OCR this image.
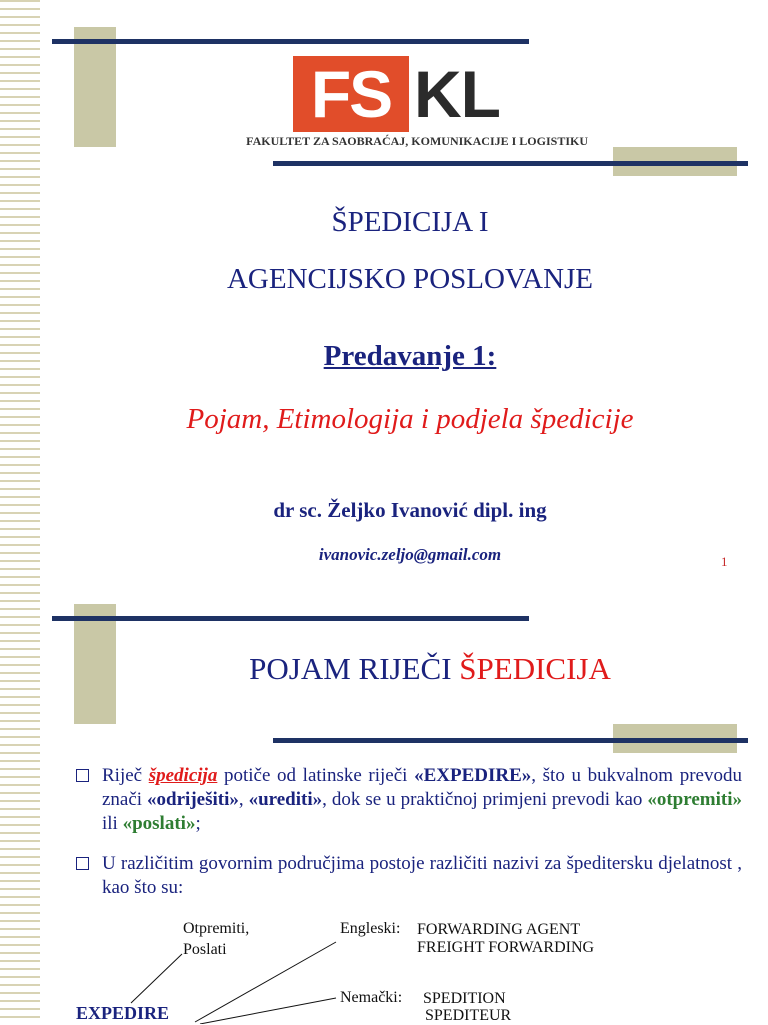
FS KL
FAKULTET ZA SAOBRAĆAJ, KOMUNIKACIJE I LOGISTIKU
ŠPEDICIJA I
AGENCIJSKO POSLOVANJE
Predavanje 1:
Pojam, Etimologija i podjela špedicije
dr sc. Željko Ivanović dipl. ing
ivanovic.zeljo@gmail.com	1
POJAM RIJEČI ŠPEDICIJA
Riječ špedicija potiče od latinske riječi «EXPEDIRE», što u bukvalnom prevodu znači «odriješiti», «urediti», dok se u praktičnoj primjeni prevodi kao «otpremiti» ili «poslati»;
U različitim govornim područjima postoje različiti nazivi za špeditersku djelatnost , kao što su:
Otpremiti,
Poslati
Engleski: FORWARDING AGENT
FREIGHT FORWARDING
Nemački: SPEDITION
SPEDITEUR
EXPEDIRE
